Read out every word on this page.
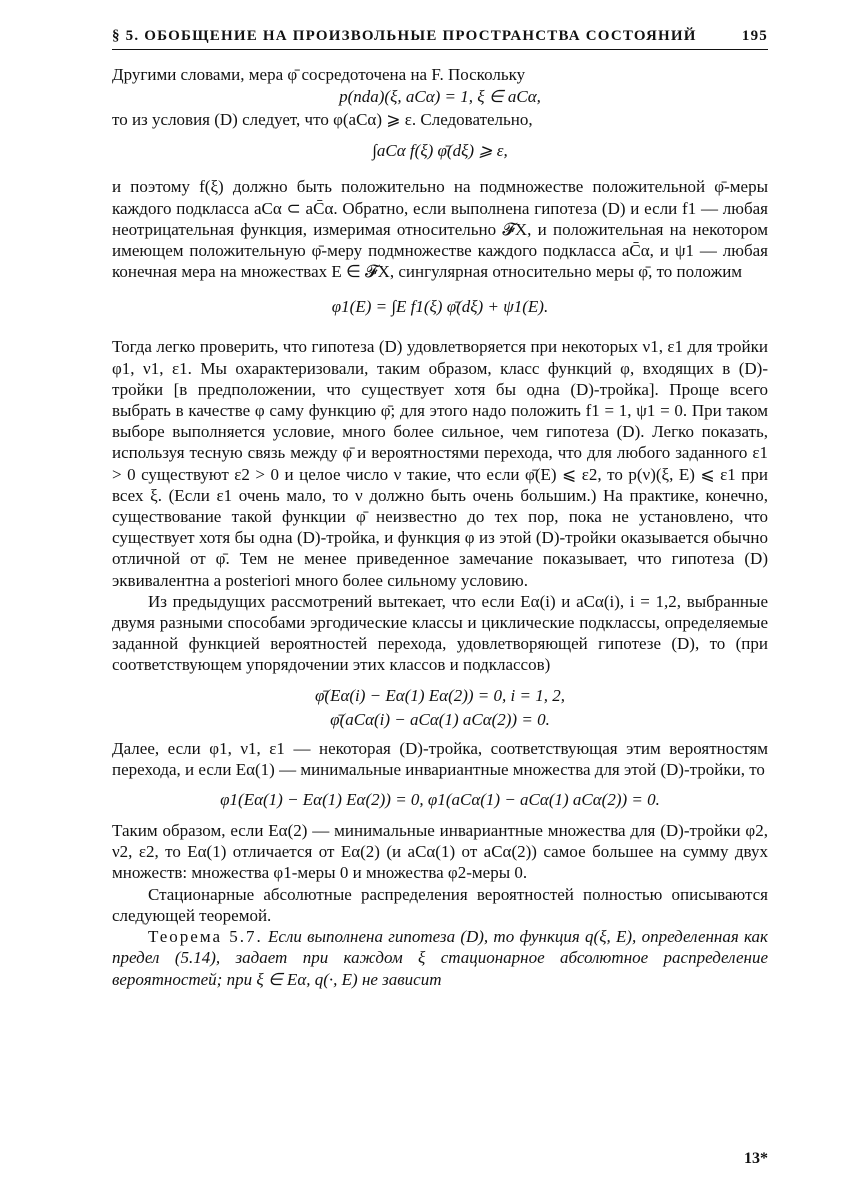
§ 5. ОБОБЩЕНИЕ НА ПРОИЗВОЛЬНЫЕ ПРОСТРАНСТВА СОСТОЯНИЙ	195

Другими словами, мера φ̄ сосредоточена на F. Поскольку

p(nda)(ξ, aCα) = 1, ξ ∈ aCα,

то из условия (D) следует, что φ(aCα) ⩾ ε. Следовательно,

∫aCα f(ξ) φ̄(dξ) ⩾ ε,

и поэтому f(ξ) должно быть положительно на подмножестве положительной φ̄-меры каждого подкласса aCα ⊂ aC̄α. Обратно, если выполнена гипотеза (D) и если f1 — любая неотрицательная функция, измеримая относительно 𝓕X, и положительная на некотором имеющем положительную φ̄-меру подмножестве каждого подкласса aC̄α, и ψ1 — любая конечная мера на множествах E ∈ 𝓕X, сингулярная относительно меры φ̄, то положим

φ1(E) = ∫E f1(ξ) φ̄(dξ) + ψ1(E).

Тогда легко проверить, что гипотеза (D) удовлетворяется при некоторых ν1, ε1 для тройки φ1, ν1, ε1. Мы охарактеризовали, таким образом, класс функций φ, входящих в (D)-тройки [в предположении, что существует хотя бы одна (D)-тройка]. Проще всего выбрать в качестве φ саму функцию φ̄; для этого надо положить f1 = 1, ψ1 = 0. При таком выборе выполняется условие, много более сильное, чем гипотеза (D). Легко показать, используя тесную связь между φ̄ и вероятностями перехода, что для любого заданного ε1 > 0 существуют ε2 > 0 и целое число ν такие, что если φ̄(E) ⩽ ε2, то p(ν)(ξ, E) ⩽ ε1 при всех ξ. (Если ε1 очень мало, то ν должно быть очень большим.) На практике, конечно, существование такой функции φ̄ неизвестно до тех пор, пока не установлено, что существует хотя бы одна (D)-тройка, и функция φ из этой (D)-тройки оказывается обычно отличной от φ̄. Тем не менее приведенное замечание показывает, что гипотеза (D) эквивалентна a posteriori много более сильному условию.

Из предыдущих рассмотрений вытекает, что если Eα(i) и aCα(i), i = 1,2, выбранные двумя разными способами эргодические классы и циклические подклассы, определяемые заданной функцией вероятностей перехода, удовлетворяющей гипотезе (D), то (при соответствующем упорядочении этих классов и подклассов)

φ̄(Eα(i) − Eα(1) Eα(2)) = 0, i = 1, 2,
φ̄(aCα(i) − aCα(1) aCα(2)) = 0.

Далее, если φ1, ν1, ε1 — некоторая (D)-тройка, соответствующая этим вероятностям перехода, и если Eα(1) — минимальные инвариантные множества для этой (D)-тройки, то

φ1(Eα(1) − Eα(1) Eα(2)) = 0, φ1(aCα(1) − aCα(1) aCα(2)) = 0.

Таким образом, если Eα(2) — минимальные инвариантные множества для (D)-тройки φ2, ν2, ε2, то Eα(1) отличается от Eα(2) (и aCα(1) от aCα(2)) самое большее на сумму двух множеств: множества φ1-меры 0 и множества φ2-меры 0.

Стационарные абсолютные распределения вероятностей полностью описываются следующей теоремой.

Теорема 5.7. Если выполнена гипотеза (D), то функция q(ξ, E), определенная как предел (5.14), задает при каждом ξ стационарное абсолютное распределение вероятностей; при ξ ∈ Eα, q(·, E) не зависит

13*
